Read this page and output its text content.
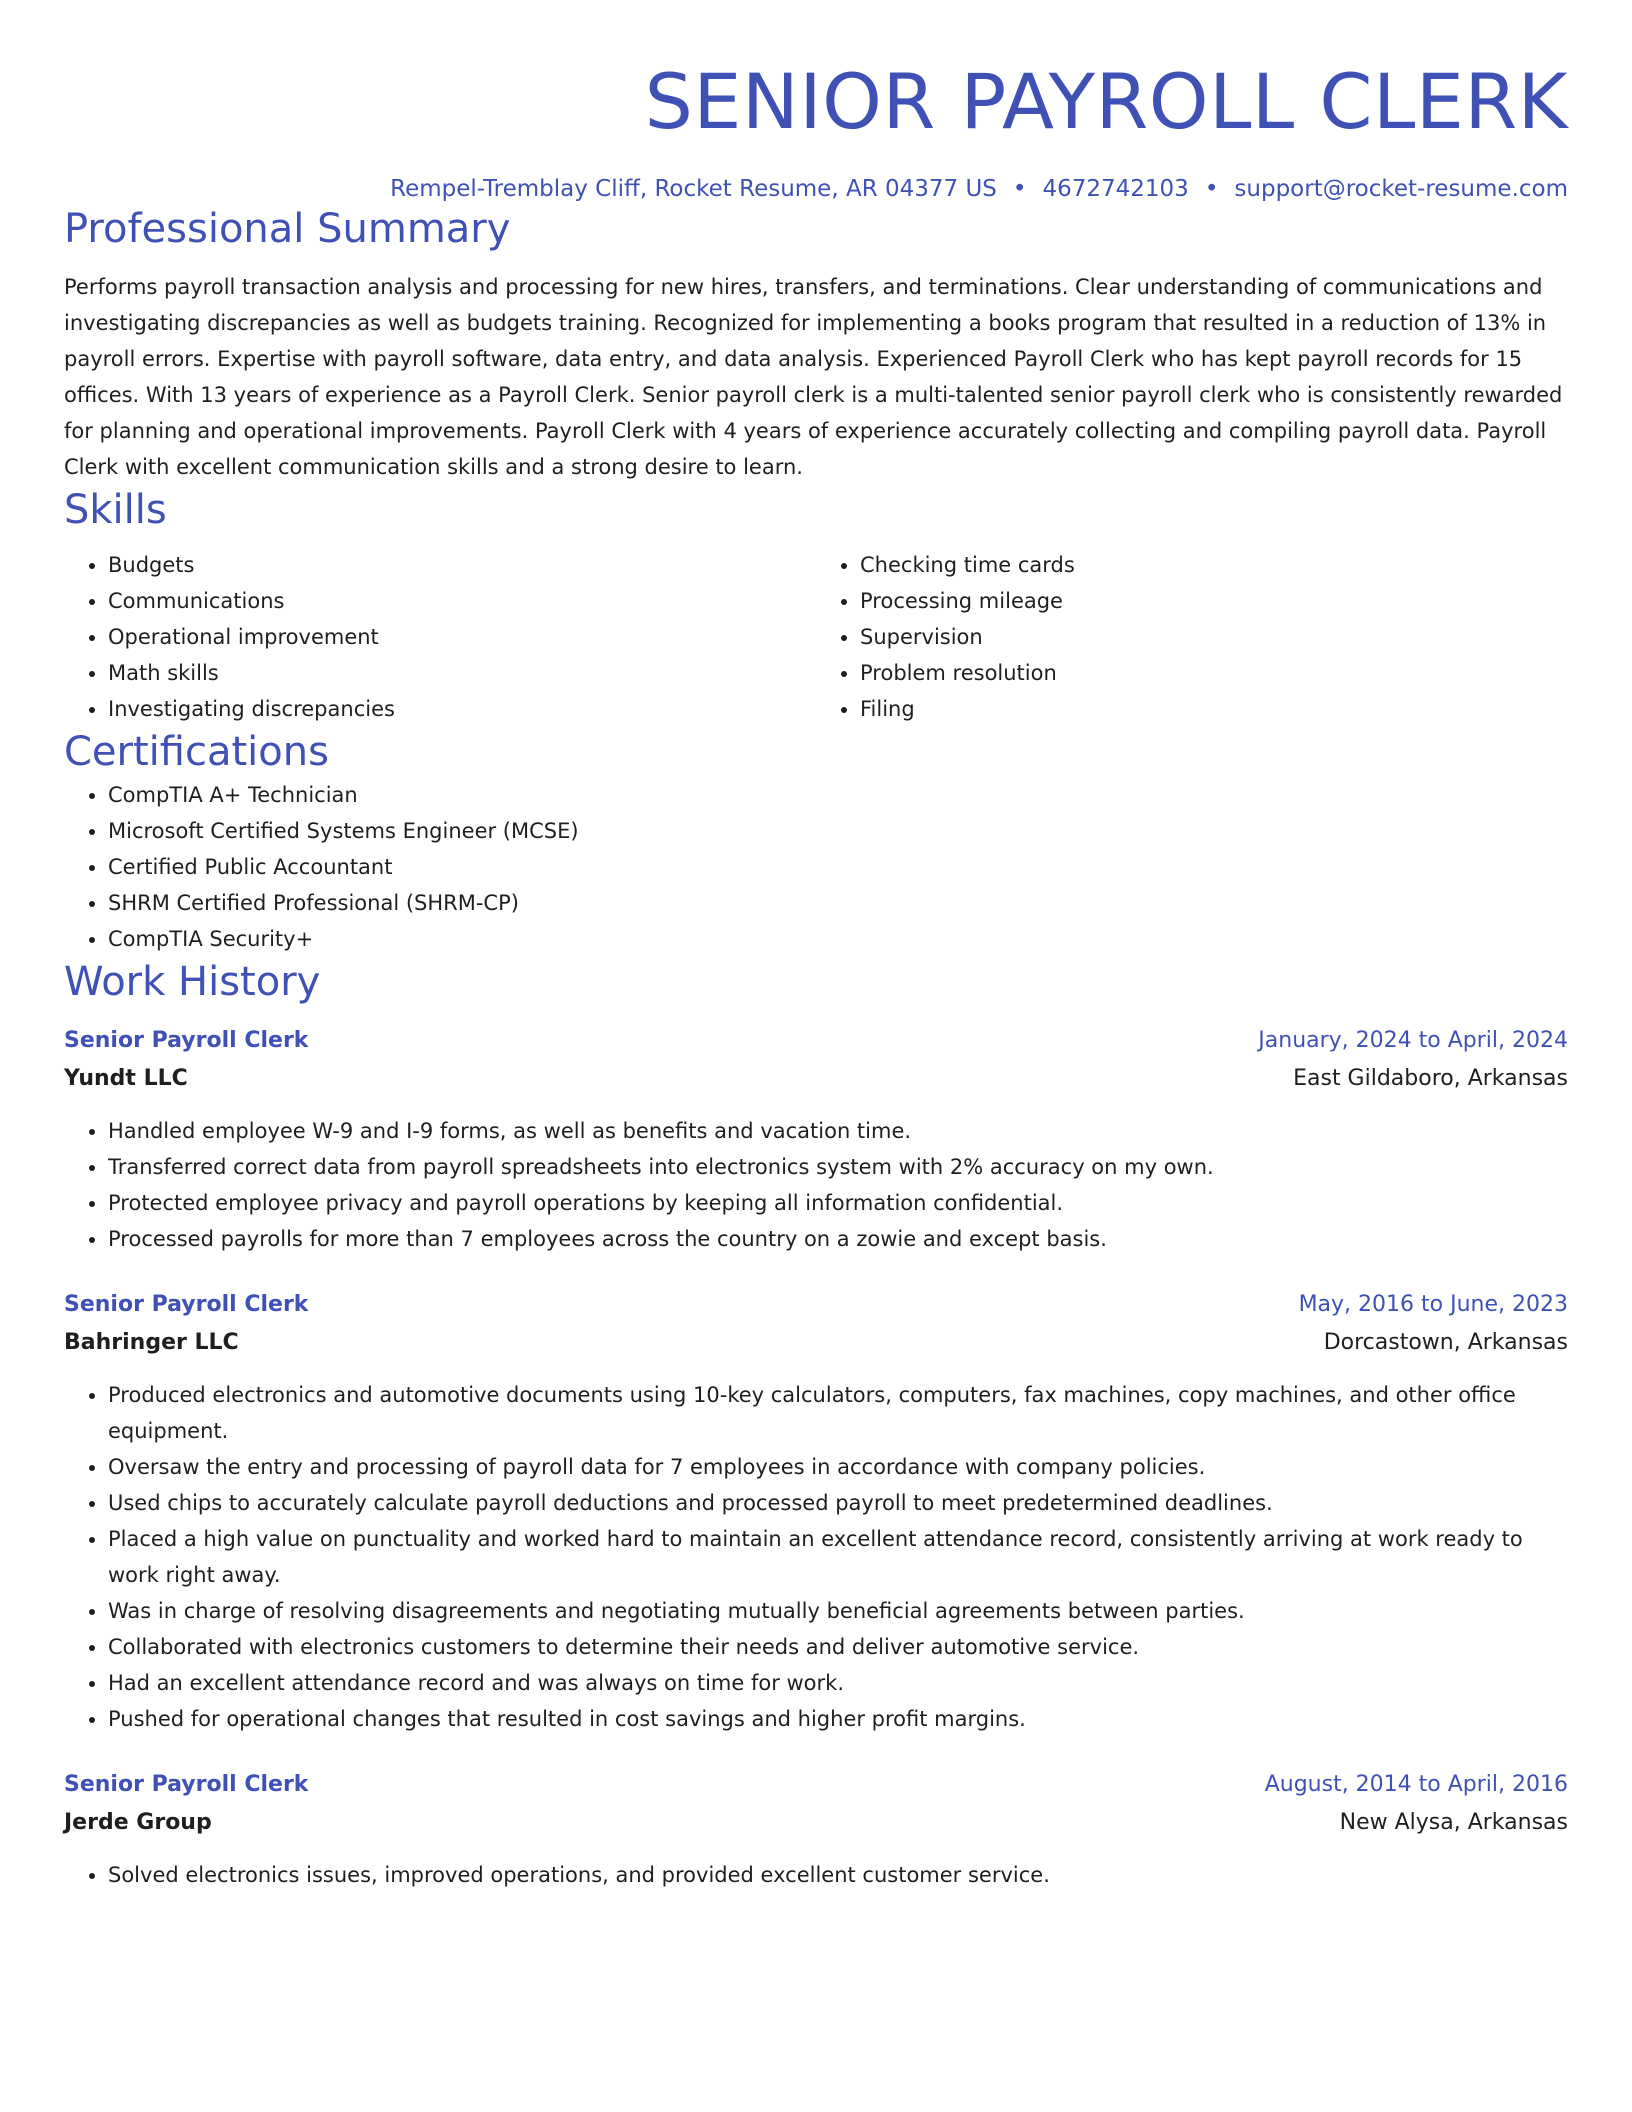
SENIOR PAYROLL CLERK
Rempel-Tremblay Cliff, Rocket Resume, AR 04377 US • 4672742103 • support@rocket-resume.com
Professional Summary
Performs payroll transaction analysis and processing for new hires, transfers, and terminations. Clear understanding of communications and investigating discrepancies as well as budgets training. Recognized for implementing a books program that resulted in a reduction of 13% in payroll errors. Expertise with payroll software, data entry, and data analysis. Experienced Payroll Clerk who has kept payroll records for 15 offices. With 13 years of experience as a Payroll Clerk. Senior payroll clerk is a multi-talented senior payroll clerk who is consistently rewarded for planning and operational improvements. Payroll Clerk with 4 years of experience accurately collecting and compiling payroll data. Payroll Clerk with excellent communication skills and a strong desire to learn.
Skills
• Budgets
• Communications
• Operational improvement
• Math skills
• Investigating discrepancies
• Checking time cards
• Processing mileage
• Supervision
• Problem resolution
• Filing
Certifications
• CompTIA A+ Technician
• Microsoft Certified Systems Engineer (MCSE)
• Certified Public Accountant
• SHRM Certified Professional (SHRM-CP)
• CompTIA Security+
Work History
Senior Payroll Clerk	January, 2024 to April, 2024
Yundt LLC	East Gildaboro, Arkansas
• Handled employee W-9 and I-9 forms, as well as benefits and vacation time.
• Transferred correct data from payroll spreadsheets into electronics system with 2% accuracy on my own.
• Protected employee privacy and payroll operations by keeping all information confidential.
• Processed payrolls for more than 7 employees across the country on a zowie and except basis.
Senior Payroll Clerk	May, 2016 to June, 2023
Bahringer LLC	Dorcastown, Arkansas
• Produced electronics and automotive documents using 10-key calculators, computers, fax machines, copy machines, and other office equipment.
• Oversaw the entry and processing of payroll data for 7 employees in accordance with company policies.
• Used chips to accurately calculate payroll deductions and processed payroll to meet predetermined deadlines.
• Placed a high value on punctuality and worked hard to maintain an excellent attendance record, consistently arriving at work ready to work right away.
• Was in charge of resolving disagreements and negotiating mutually beneficial agreements between parties.
• Collaborated with electronics customers to determine their needs and deliver automotive service.
• Had an excellent attendance record and was always on time for work.
• Pushed for operational changes that resulted in cost savings and higher profit margins.
Senior Payroll Clerk	August, 2014 to April, 2016
Jerde Group	New Alysa, Arkansas
• Solved electronics issues, improved operations, and provided excellent customer service.
